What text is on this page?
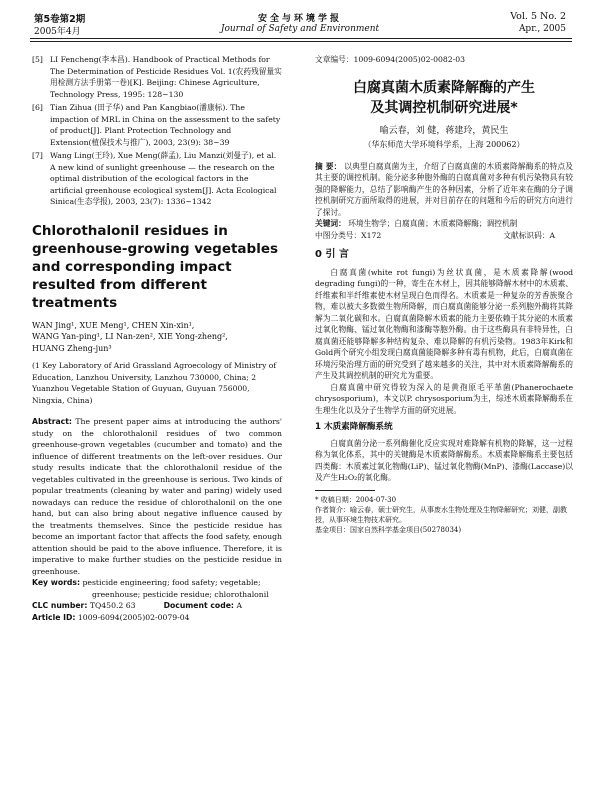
第5卷第2期
2005年4月
安全与环境学报
Journal of Safety and Environment
Vol. 5 No. 2
Apr., 2005
[5] LI Fencheng(李本昌). Handbook of Practical Methods for The Determination of Pesticide Residues Vol. 1(农药残留量实用检测方法手册第一卷)[K]. Beijing: Chinese Agriculture, Technology Press, 1995: 128~130
[6] Tian Zihua (田子华) and Pan Kangbiao(潘康标). The impaction of MRL in China on the assessment to the safety of product[J]. Plant Protection Technology and Extension(植保技术与推广), 2003, 23(9): 38~39
[7] Wang Ling(王玲), Xue Meng(薛孟), Liu Manzi(刘曼子), et al. A new kind of sunlight greenhouse — the research on the optimal distribution of the ecological factors in the artificial greenhouse ecological system[J]. Acta Ecological Sinica(生态学报), 2003, 23(7): 1336~1342
Chlorothalonil residues in greenhouse-growing vegetables and corresponding impact resulted from different treatments
WAN Jing¹, XUE Meng¹, CHEN Xin-xin¹,
WANG Yan-ping¹, LI Nan-zen², XIE Yong-zheng²,
HUANG Zheng-jun³
(1 Key Laboratory of Arid Grassland Agroecology of Ministry of Education, Lanzhou University, Lanzhou 730000, China; 2 Yuanzhou Vegetable Station of Guyuan, Guyuan 756000, Ningxia, China)
Abstract: The present paper aims at introducing the authors' study on the chlorothalonil residues of two common greenhouse-grown vegetables (cucumber and tomato) and the influence of different treatments on the left-over residues. Our study results indicate that the chlorothalonil residue of the vegetables cultivated in the greenhouse is serious. Two kinds of popular treatments (cleaning by water and paring) widely used nowadays can reduce the residue of chlorothalonil on the one hand, but can also bring about negative influence caused by the treatments themselves. Since the pesticide residue has become an important factor that affects the food safety, enough attention should be paid to the above influence. Therefore, it is imperative to make further studies on the pesticide residue in greenhouse.
Key words: pesticide engineering; food safety; vegetable;
greenhouse; pesticide residue; chlorothalonil
CLC number: TQ450.2 63	Document code: A
Article ID: 1009-6094(2005)02-0079-04
文章编号：1009-6094(2005)02-0082-03
白腐真菌木质素降解酶的产生
及其调控机制研究进展*
喻云春，刘 健，蒋建玲，黄民生
（华东师范大学环境科学系，上海 200062）
摘 要： 以典型白腐真菌为主，介绍了白腐真菌的木质素降解酶系的特点及其主要的调控机制。能分泌多种胞外酶的白腐真菌对多种有机污染物具有较强的降解能力，总结了影响酶产生的各种因素，分析了近年来在酶的分子调控机制研究方面所取得的进展，并对目前存在的问题和今后的研究方向进行了探讨。
关键词： 环境生物学；白腐真菌；木质素降解酶；调控机制
中图分类号：X172	文献标识码：A
0 引 言
白腐真菌(white rot fungi)为丝状真菌，是木质素降解(wood degrading fungi)的一种，寄生在木材上，因其能够降解木材中的木质素、纤维素和半纤维素使木材呈现白色而得名。木质素是一种复杂的芳香族聚合物，难以被大多数微生物所降解，而白腐真菌能够分泌一系列胞外酶将其降解为二氧化碳和水。白腐真菌降解木质素的能力主要依赖于其分泌的木质素过氧化物酶、锰过氧化物酶和漆酶等胞外酶。由于这些酶具有非特异性，白腐真菌还能够降解多种结构复杂、难以降解的有机污染物。1983年Kirk和Gold两个研究小组发现白腐真菌能降解多种有毒有机物，此后，白腐真菌在环境污染治理方面的研究受到了越来越多的关注，其中对木质素降解酶系的产生及其调控机制的研究尤为重要。
白腐真菌中研究得较为深入的是黄孢原毛平革菌(Phanerochaete chrysosporium)，本文以P. chrysosporium为主，综述木质素降解酶系在生理生化以及分子生物学方面的研究进展。
1 木质素降解酶系统
白腐真菌分泌一系列酶催化反应实现对难降解有机物的降解，这一过程称为氧化体系，其中的关键酶是木质素降解酶系。木质素降解酶系主要包括四类酶：木质素过氧化物酶(LiP)、锰过氧化物酶(MnP)、漆酶(Laccase)以及产生H₂O₂的氧化酶。
* 收稿日期：2004-07-30
作者简介：喻云春，硕士研究生，从事废水生物处理及生物降解研究；刘健，副教授，从事环境生物技术研究。
基金项目：国家自然科学基金项目(50278034)
